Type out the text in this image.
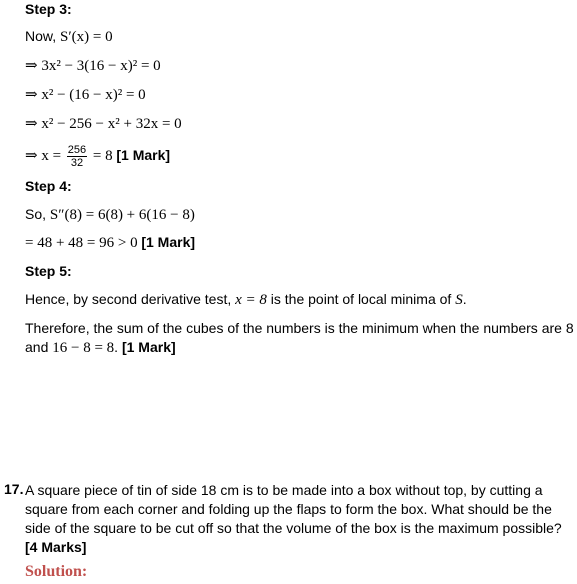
Step 3:
Now, S′(x) = 0
⇒ 3x² − 3(16 − x)² = 0
⇒ x² − (16 − x)² = 0
⇒ x² − 256 − x² + 32x = 0
⇒ $x = \frac{256}{32} = 8$ [1 Mark]
Step 4:
So, S″(8) = 6(8) + 6(16 − 8)
= 48 + 48 = 96 > 0 [1 Mark]
Step 5:
Hence, by second derivative test, x = 8 is the point of local minima of S.
Therefore, the sum of the cubes of the numbers is the minimum when the numbers are 8
and 16 − 8 = 8. [1 Mark]
17. A square piece of tin of side 18 cm is to be made into a box without top, by cutting a square from each corner and folding up the flaps to form the box. What should be the side of the square to be cut off so that the volume of the box is the maximum possible? [4 Marks]
Solution:
